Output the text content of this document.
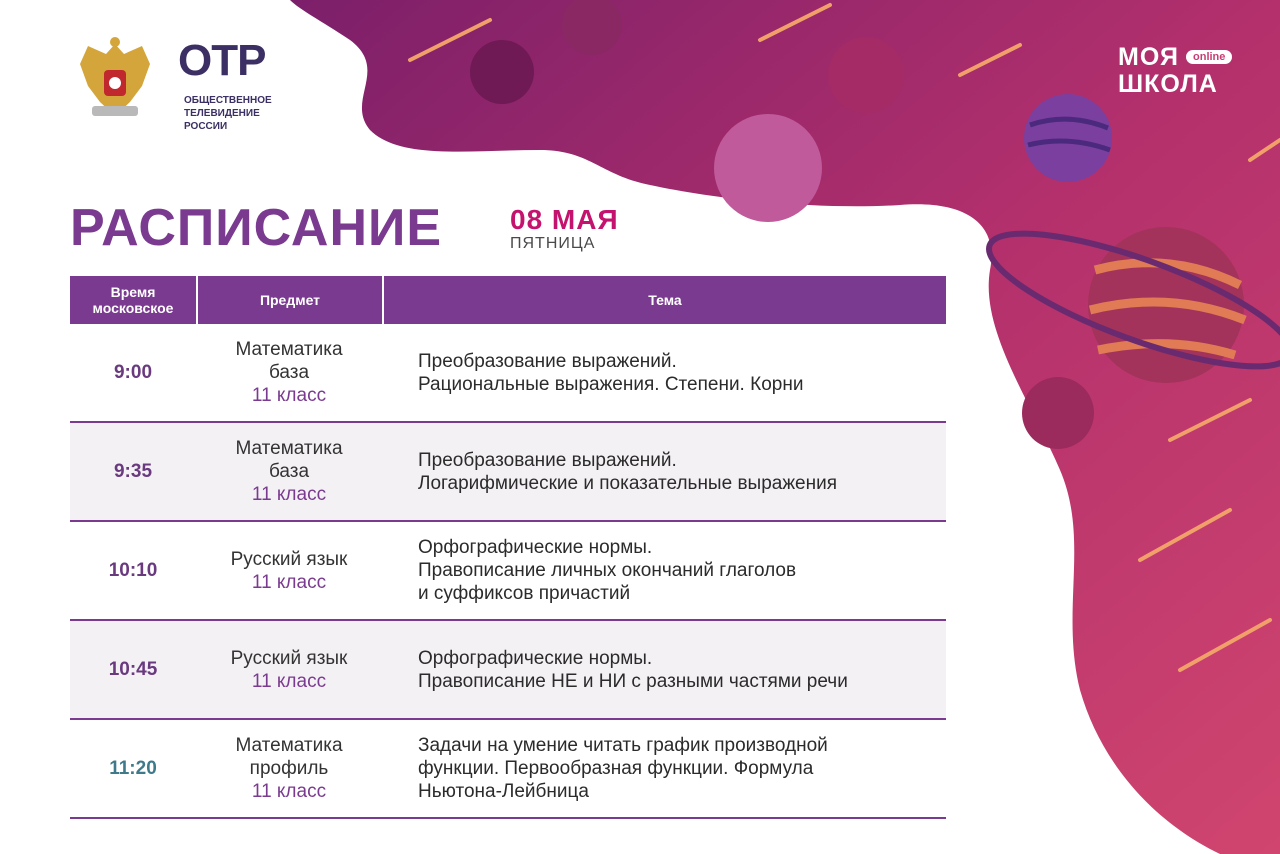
ОТР
ОБЩЕСТВЕННОЕ
ТЕЛЕВИДЕНИЕ
РОССИИ
МОЯ
ШКОЛА
online
РАСПИСАНИЕ 08 МАЯ
ПЯТНИЦА
Время
московское	Предмет	Тема
9:00
Математика
база
11 класс
Преобразование выражений.
Рациональные выражения. Степени. Корни
9:35
Математика
база
11 класс
Преобразование выражений.
Логарифмические и показательные выражения
10:10
Русский язык
11 класс
Орфографические нормы.
Правописание личных окончаний глаголов
и суффиксов причастий
10:45
Русский язык
11 класс
Орфографические нормы.
Правописание НЕ и НИ с разными частями речи
11:20
Математика
профиль
11 класс
Задачи на умение читать график производной
функции. Первообразная функции. Формула
Ньютона-Лейбница
